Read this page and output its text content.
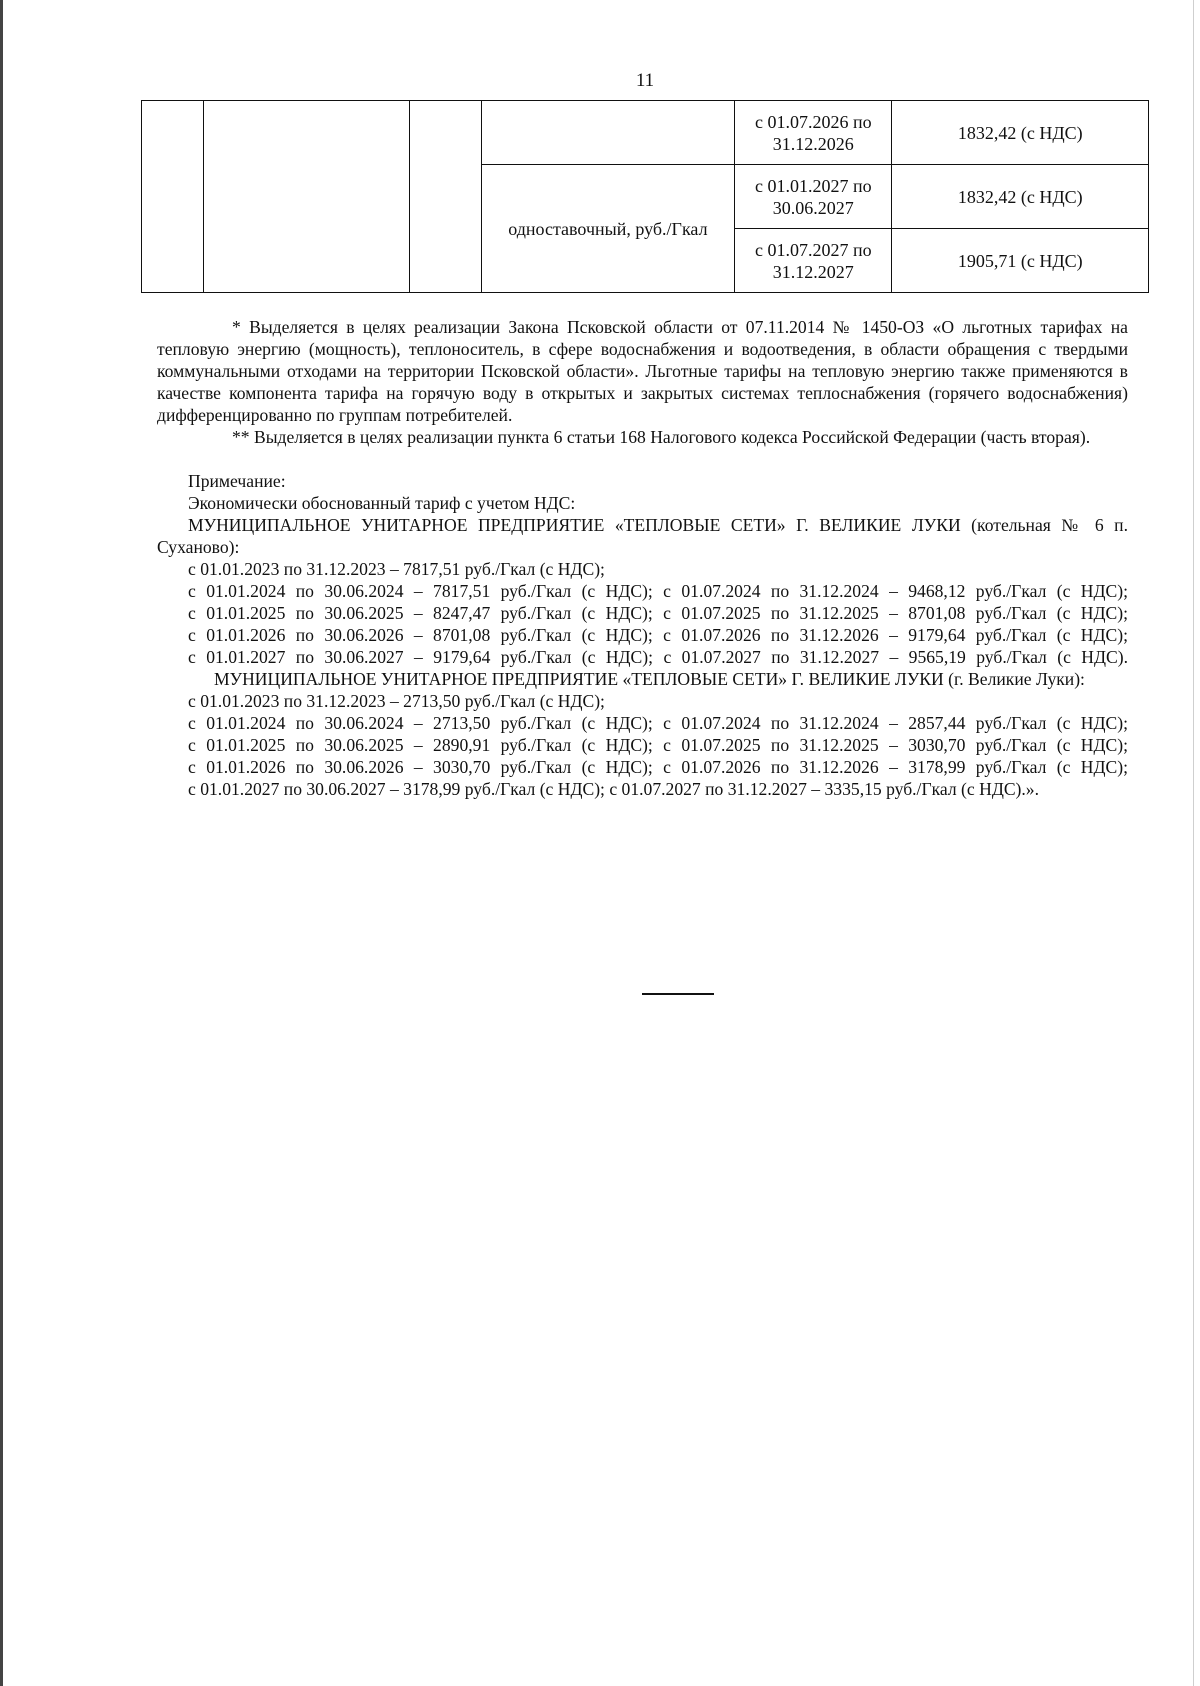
11
				с 01.07.2026 по 31.12.2026	1832,42 (с НДС)
			одноставочный, руб./Гкал	с 01.01.2027 по 30.06.2027	1832,42 (с НДС)
				с 01.07.2027 по 31.12.2027	1905,71 (с НДС)

* Выделяется в целях реализации Закона Псковской области от 07.11.2014 № 1450-ОЗ «О льготных тарифах на тепловую энергию (мощность), теплоноситель, в сфере водоснабжения и водоотведения, в области обращения с твердыми коммунальными отходами на территории Псковской области». Льготные тарифы на тепловую энергию также применяются в качестве компонента тарифа на горячую воду в открытых и закрытых системах теплоснабжения (горячего водоснабжения) дифференцированно по группам потребителей.

** Выделяется в целях реализации пункта 6 статьи 168 Налогового кодекса Российской Федерации (часть вторая).

Примечание:

Экономически обоснованный тариф с учетом НДС:

МУНИЦИПАЛЬНОЕ УНИТАРНОЕ ПРЕДПРИЯТИЕ «ТЕПЛОВЫЕ СЕТИ» Г. ВЕЛИКИЕ ЛУКИ (котельная № 6 п. Суханово):

с 01.01.2023 по 31.12.2023 – 7817,51 руб./Гкал (с НДС);

с 01.01.2024 по 30.06.2024 – 7817,51 руб./Гкал (с НДС); с 01.07.2024 по 31.12.2024 – 9468,12 руб./Гкал (с НДС);

с 01.01.2025 по 30.06.2025 – 8247,47 руб./Гкал (с НДС); с 01.07.2025 по 31.12.2025 – 8701,08 руб./Гкал (с НДС);

с 01.01.2026 по 30.06.2026 – 8701,08 руб./Гкал (с НДС); с 01.07.2026 по 31.12.2026 – 9179,64 руб./Гкал (с НДС);

с 01.01.2027 по 30.06.2027 – 9179,64 руб./Гкал (с НДС); с 01.07.2027 по 31.12.2027 – 9565,19 руб./Гкал (с НДС).

МУНИЦИПАЛЬНОЕ УНИТАРНОЕ ПРЕДПРИЯТИЕ «ТЕПЛОВЫЕ СЕТИ» Г. ВЕЛИКИЕ ЛУКИ (г. Великие Луки):

с 01.01.2023 по 31.12.2023 – 2713,50 руб./Гкал (с НДС);

с 01.01.2024 по 30.06.2024 – 2713,50 руб./Гкал (с НДС); с 01.07.2024 по 31.12.2024 – 2857,44 руб./Гкал (с НДС);

с 01.01.2025 по 30.06.2025 – 2890,91 руб./Гкал (с НДС); с 01.07.2025 по 31.12.2025 – 3030,70 руб./Гкал (с НДС);

с 01.01.2026 по 30.06.2026 – 3030,70 руб./Гкал (с НДС); с 01.07.2026 по 31.12.2026 – 3178,99 руб./Гкал (с НДС);

с 01.01.2027 по 30.06.2027 – 3178,99 руб./Гкал (с НДС); с 01.07.2027 по 31.12.2027 – 3335,15 руб./Гкал (с НДС).».
